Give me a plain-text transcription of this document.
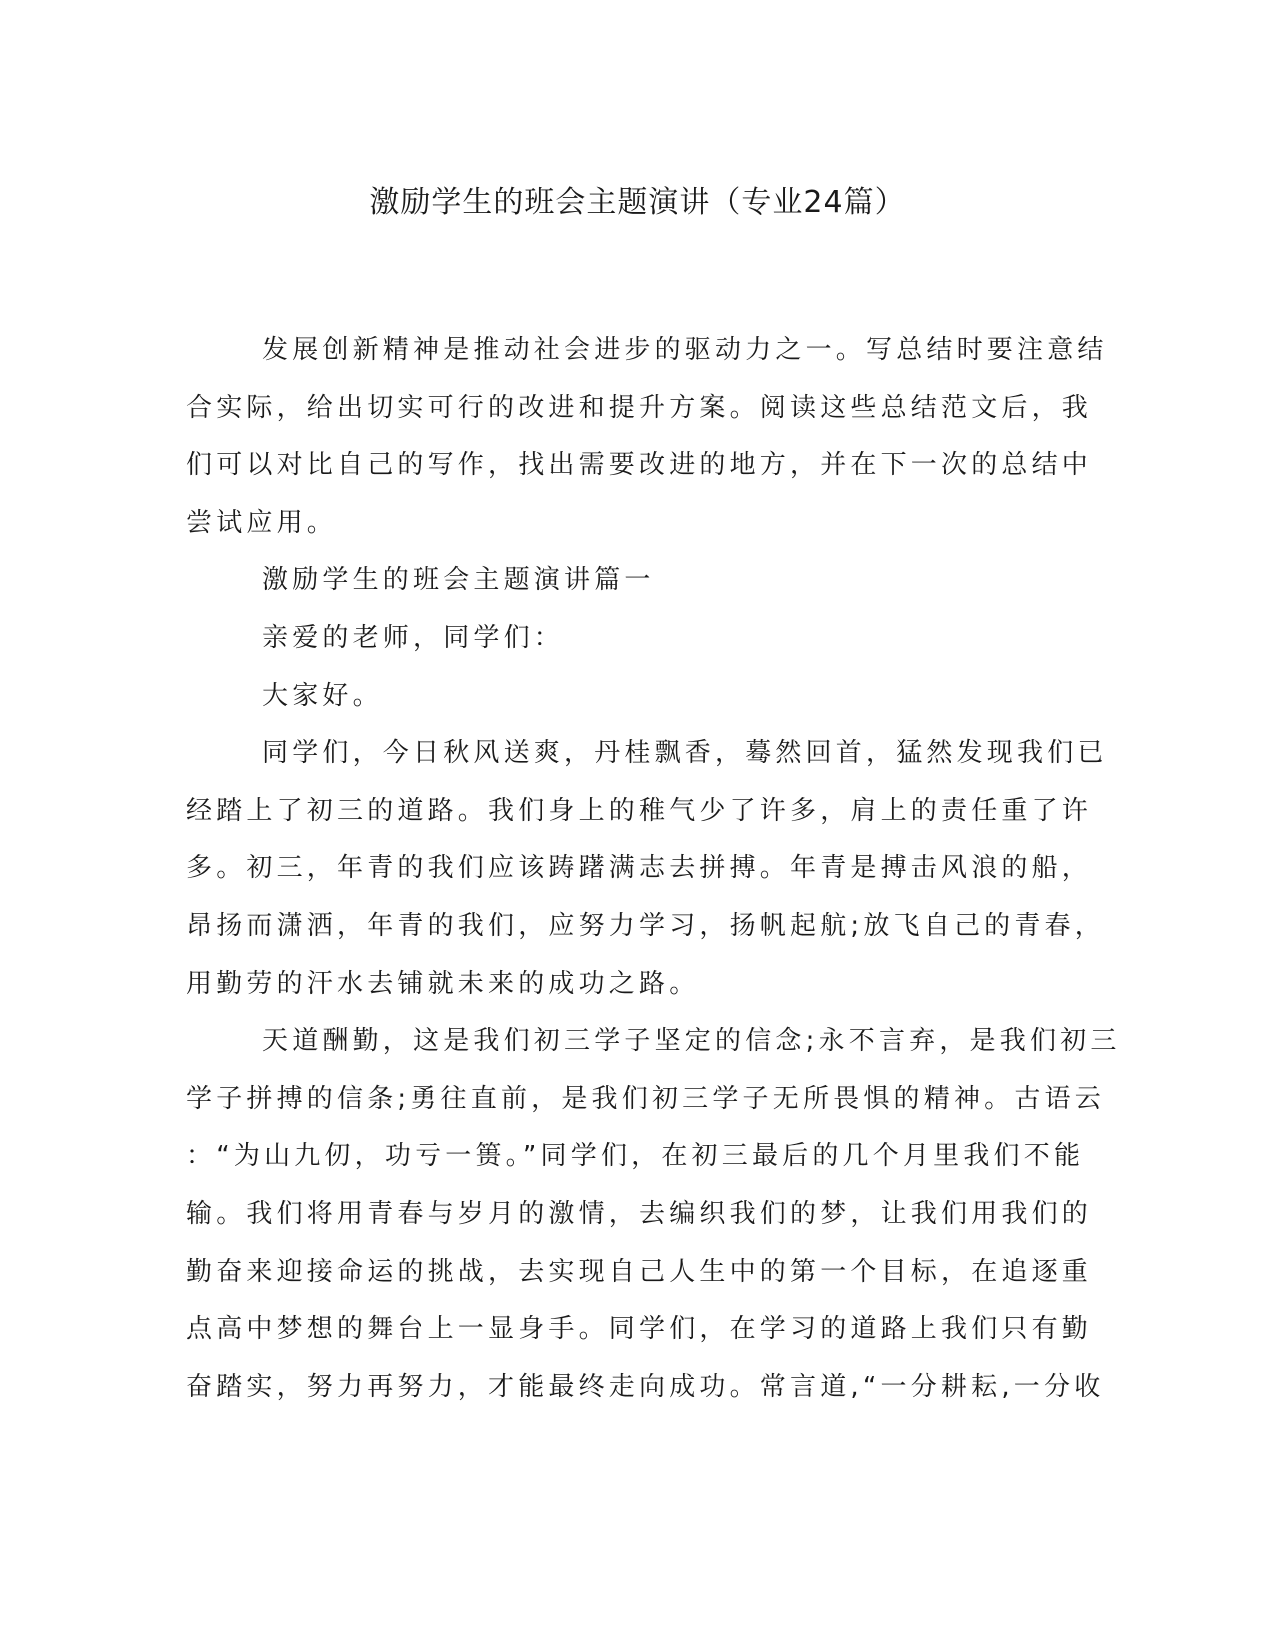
激励学生的班会主题演讲（专业24篇）
发展创新精神是推动社会进步的驱动力之一。写总结时要注意结
合实际，给出切实可行的改进和提升方案。阅读这些总结范文后，我
们可以对比自己的写作，找出需要改进的地方，并在下一次的总结中
尝试应用。
激励学生的班会主题演讲篇一
亲爱的老师，同学们：
大家好。
同学们，今日秋风送爽，丹桂飘香，蓦然回首，猛然发现我们已
经踏上了初三的道路。我们身上的稚气少了许多，肩上的责任重了许
多。初三，年青的我们应该踌躇满志去拼搏。年青是搏击风浪的船，
昂扬而潇洒，年青的我们，应努力学习，扬帆起航;放飞自己的青春，
用勤劳的汗水去铺就未来的成功之路。
天道酬勤，这是我们初三学子坚定的信念;永不言弃，是我们初三
学子拼搏的信条;勇往直前，是我们初三学子无所畏惧的精神。古语云
：“为山九仞，功亏一篑。”同学们，在初三最后的几个月里我们不能
输。我们将用青春与岁月的激情，去编织我们的梦，让我们用我们的
勤奋来迎接命运的挑战，去实现自己人生中的第一个目标，在追逐重
点高中梦想的舞台上一显身手。同学们，在学习的道路上我们只有勤
奋踏实，努力再努力，才能最终走向成功。常言道,“一分耕耘,一分收
